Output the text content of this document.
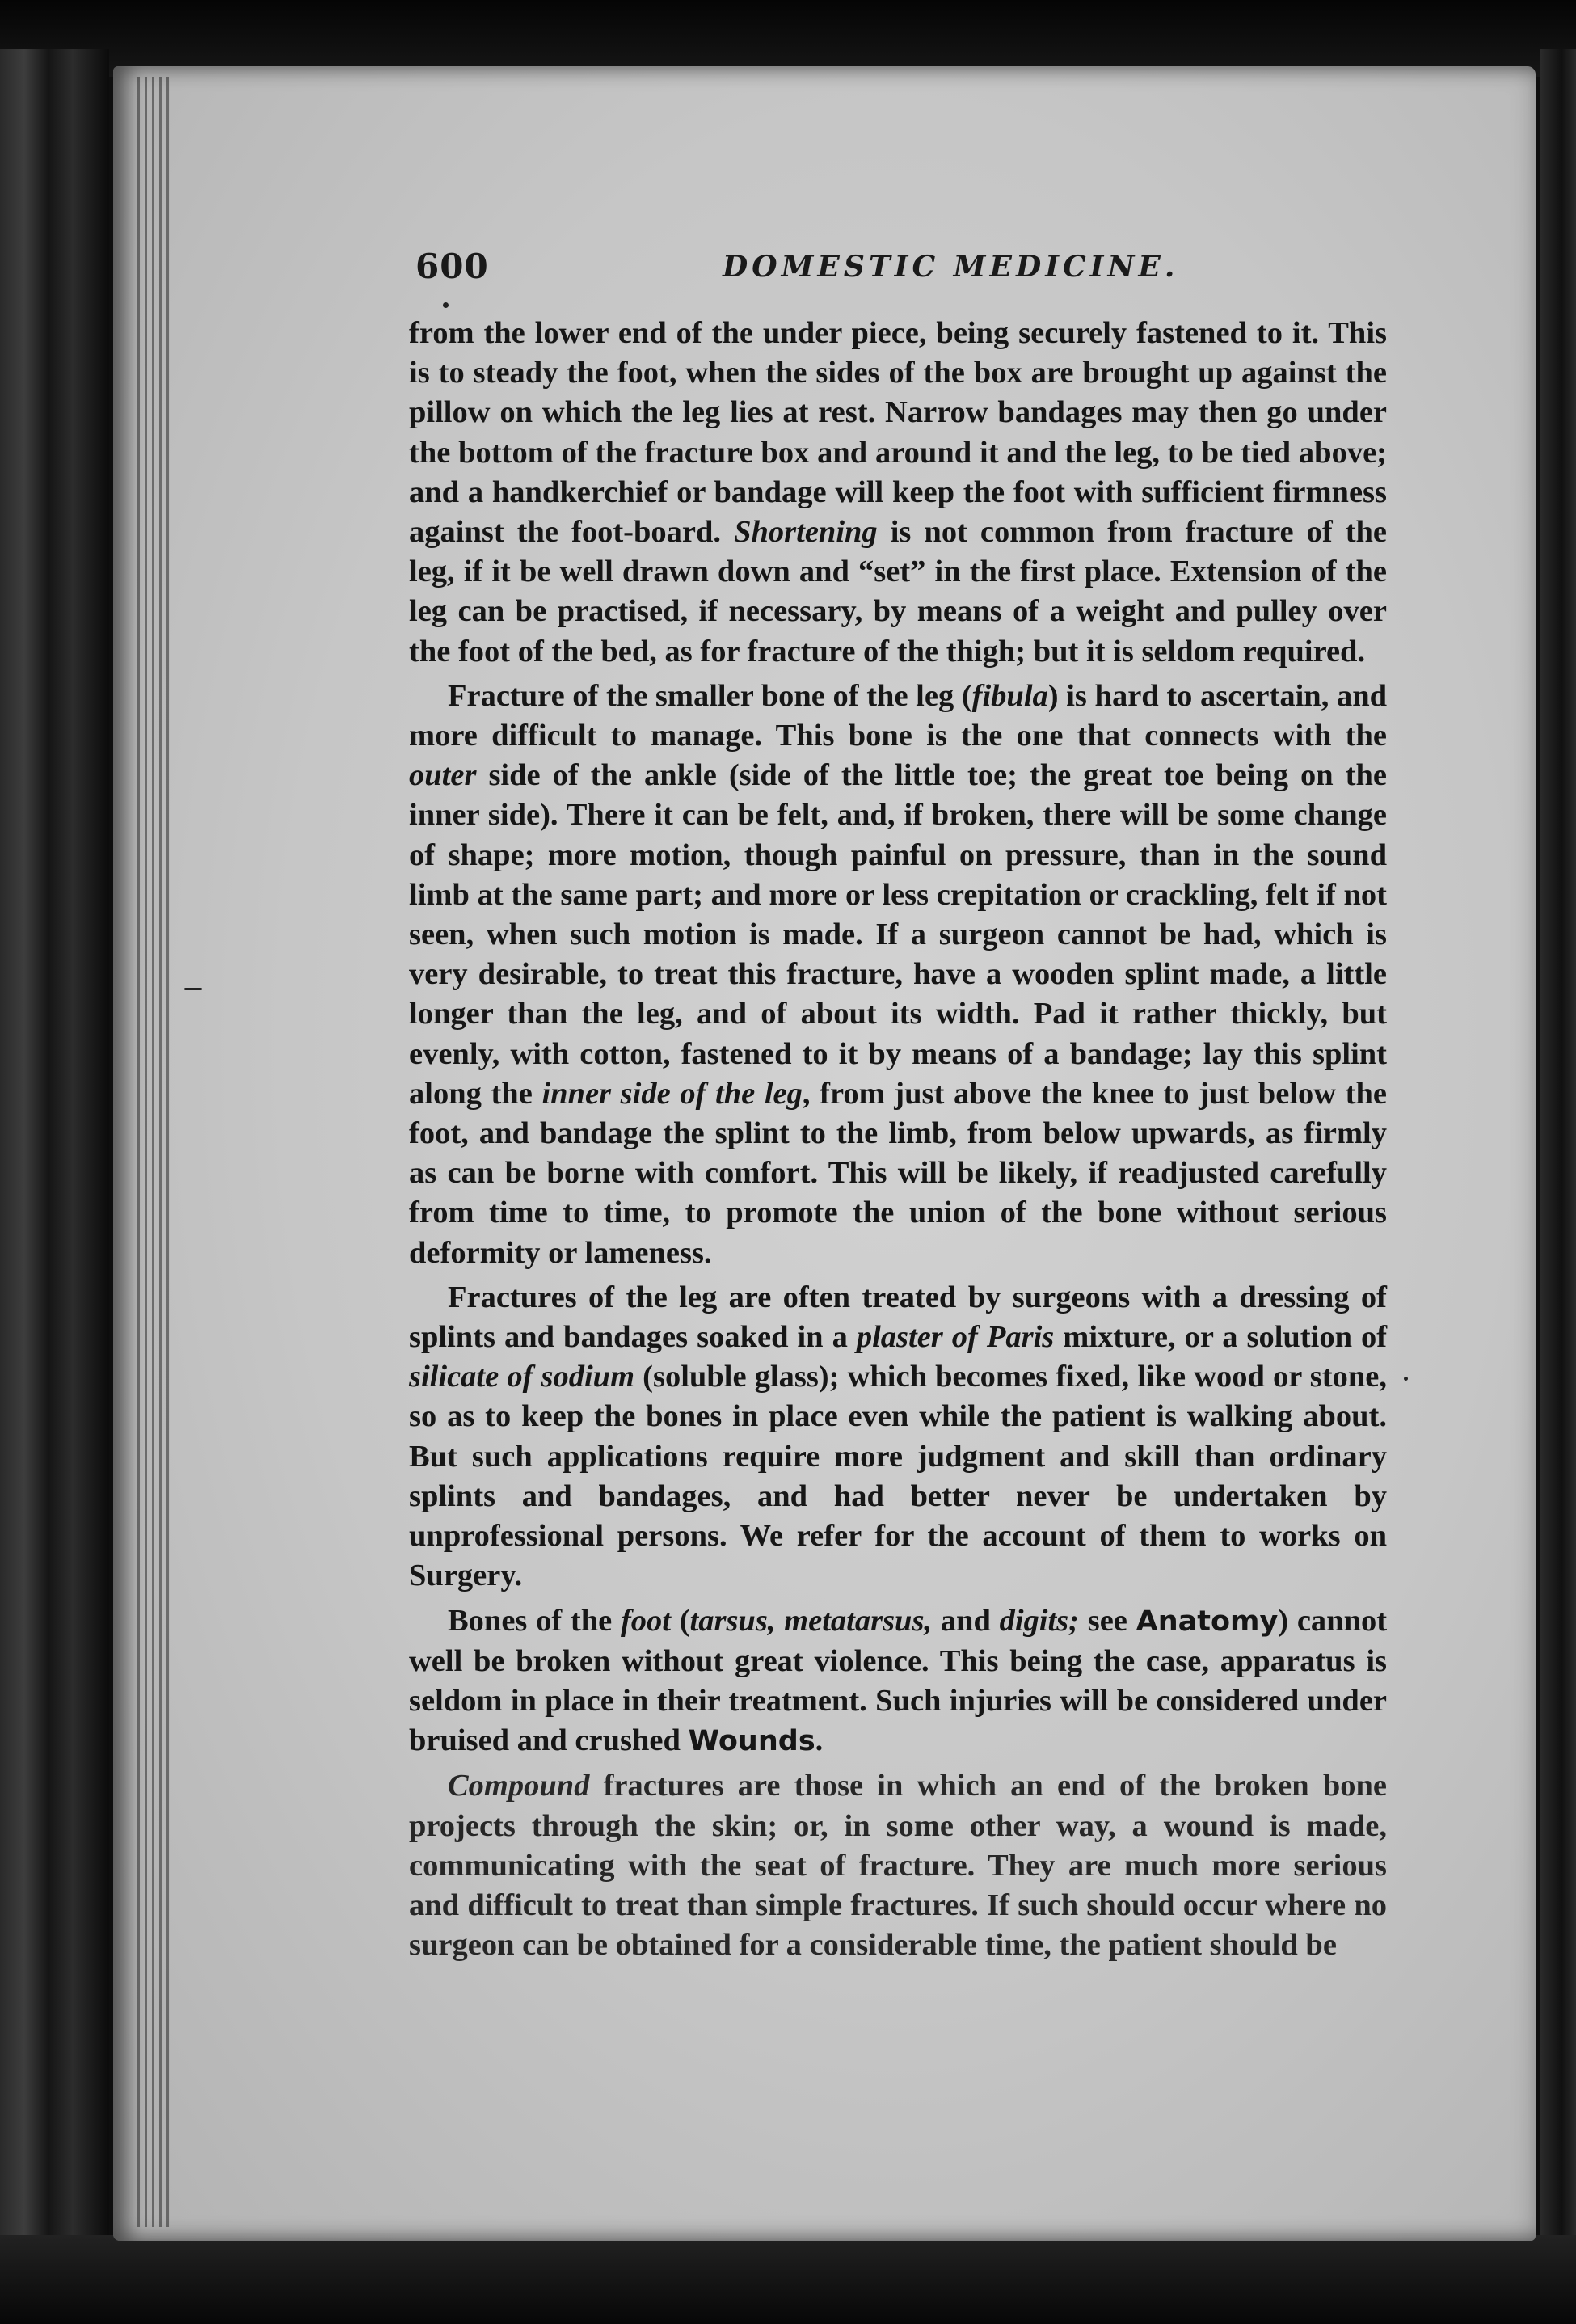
600	DOMESTIC MEDICINE.

from the lower end of the under piece, being securely fastened to it. This is to steady the foot, when the sides of the box are brought up against the pillow on which the leg lies at rest. Narrow bandages may then go under the bottom of the fracture box and around it and the leg, to be tied above; and a handkerchief or bandage will keep the foot with sufficient firmness against the foot-board. Shortening is not common from fracture of the leg, if it be well drawn down and “set” in the first place. Extension of the leg can be practised, if necessary, by means of a weight and pulley over the foot of the bed, as for fracture of the thigh; but it is seldom required.

Fracture of the smaller bone of the leg (fibula) is hard to ascertain, and more difficult to manage. This bone is the one that connects with the outer side of the ankle (side of the little toe; the great toe being on the inner side). There it can be felt, and, if broken, there will be some change of shape; more motion, though painful on pressure, than in the sound limb at the same part; and more or less crepitation or crackling, felt if not seen, when such motion is made. If a surgeon cannot be had, which is very desirable, to treat this fracture, have a wooden splint made, a little longer than the leg, and of about its width. Pad it rather thickly, but evenly, with cotton, fastened to it by means of a bandage; lay this splint along the inner side of the leg, from just above the knee to just below the foot, and bandage the splint to the limb, from below upwards, as firmly as can be borne with comfort. This will be likely, if readjusted carefully from time to time, to promote the union of the bone without serious deformity or lameness.

Fractures of the leg are often treated by surgeons with a dressing of splints and bandages soaked in a plaster of Paris mixture, or a solution of silicate of sodium (soluble glass); which becomes fixed, like wood or stone, so as to keep the bones in place even while the patient is walking about. But such applications require more judgment and skill than ordinary splints and bandages, and had better never be undertaken by unprofessional persons. We refer for the account of them to works on Surgery.

Bones of the foot (tarsus, metatarsus, and digits; see Anatomy) cannot well be broken without great violence. This being the case, apparatus is seldom in place in their treatment. Such injuries will be considered under bruised and crushed Wounds.

Compound fractures are those in which an end of the broken bone projects through the skin; or, in some other way, a wound is made, communicating with the seat of fracture. They are much more serious and difficult to treat than simple fractures. If such should occur where no surgeon can be obtained for a considerable time, the patient should be
